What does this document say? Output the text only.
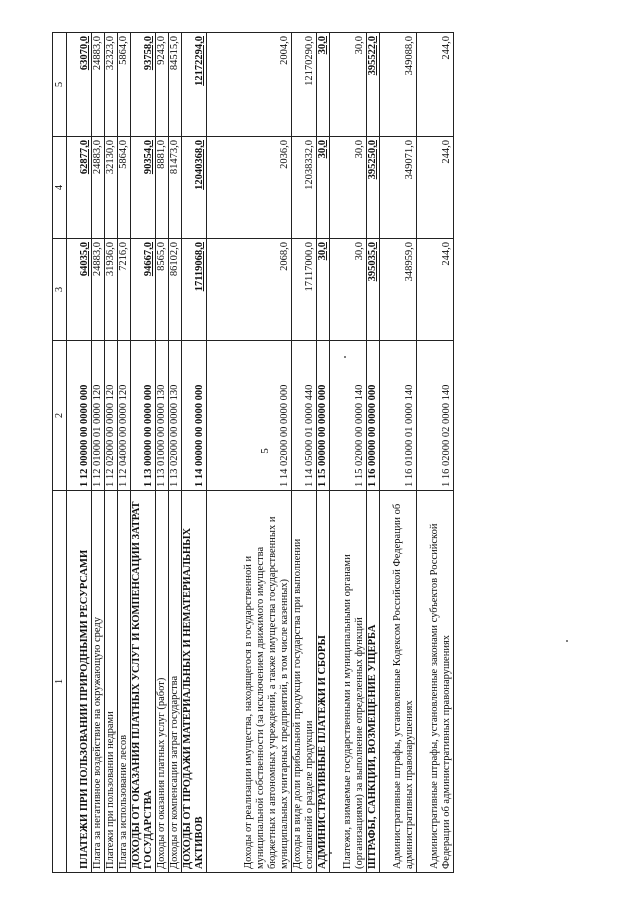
5
1	2	3	4	5
ПЛАТЕЖИ ПРИ ПОЛЬЗОВАНИИ ПРИРОДНЫМИ РЕСУРСАМИ	1 12 00000 00 0000 000	64035,0	62877,0	63070,0
Плата за негативное воздействие на окружающую среду	1 12 01000 01 0000 120	24883,0	24883,0	24883,0
Платежи при пользовании недрами	1 12 02000 00 0000 120	31936,0	32130,0	32323,0
Плата за использование лесов	1 12 04000 00 0000 120	7216,0	5864,0	5864,0
ДОХОДЫ ОТ ОКАЗАНИЯ ПЛАТНЫХ УСЛУГ И КОМПЕНСАЦИИ ЗАТРАТ ГОСУДАРСТВА	1 13 00000 00 0000 000	94667,0	90354,0	93758,0
Доходы от оказания платных услуг (работ)	1 13 01000 00 0000 130	8565,0	8881,0	9243,0
Доходы от компенсации затрат государства	1 13 02000 00 0000 130	86102,0	81473,0	84515,0
ДОХОДЫ ОТ ПРОДАЖИ МАТЕРИАЛЬНЫХ И НЕМАТЕРИАЛЬНЫХ АКТИВОВ	1 14 00000 00 0000 000	17119068,0	12040368,0	12172294,0
Доходы от реализации имущества, находящегося в государственной и муниципальной собственности (за исключением движимого имущества бюджетных и автономных учреждений, а также имущества государственных и муниципальных унитарных предприятий, в том числе казенных)	1 14 02000 00 0000 000	2068,0	2036,0	2004,0
Доходы в виде доли прибыльной продукции государства при выполнении соглашений о разделе продукции	1 14 05000 01 0000 440	17117000,0	12038332,0	12170290,0
АДМИНИСТРАТИВНЫЕ ПЛАТЕЖИ И СБОРЫ	1 15 00000 00 0000 000	30,0	30,0	30,0
Платежи, взимаемые государственными и муниципальными органами (организациями) за выполнение определенных функций	1 15 02000 00 0000 140	30,0	30,0	30,0
ШТРАФЫ, САНКЦИИ, ВОЗМЕЩЕНИЕ УЩЕРБА	1 16 00000 00 0000 000	395035,0	395250,0	395522,0
Административные штрафы, установленные Кодексом Российской Федерации об административных правонарушениях	1 16 01000 01 0000 140	348959,0	349071,0	349088,0
Административные штрафы, установленные законами субъектов Российской Федерации об административных правонарушениях	1 16 02000 02 0000 140	244,0	244,0	244,0
